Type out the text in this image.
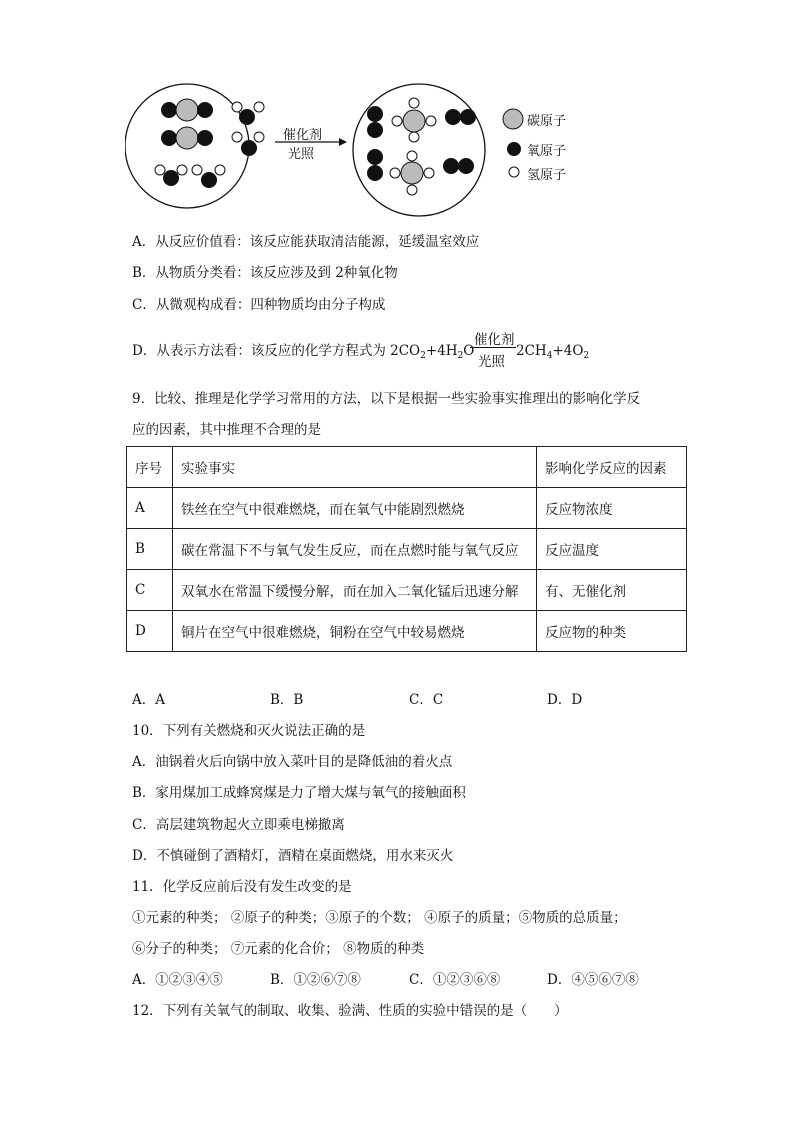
催化剂
光照
碳原子
氧原子
氢原子
A．从反应价值看：该反应能获取清洁能源，延缓温室效应
B．从物质分类看：该反应涉及到 2种氧化物
C．从微观构成看：四种物质均由分子构成
D．从表示方法看：该反应的化学方程式为 $2CO_2+4H_2O$
催化剂
光照
$2CH_4+4O_2$
9．比较、推理是化学学习常用的方法，以下是根据一些实验事实推理出的影响化学反
应的因素，其中推理不合理的是
序号	实验事实	影响化学反应的因素
A	铁丝在空气中很难燃烧，而在氧气中能剧烈燃烧	反应物浓度
B	碳在常温下不与氧气发生反应，而在点燃时能与氧气反应	反应温度
C	双氧水在常温下缓慢分解，而在加入二氧化锰后迅速分解	有、无催化剂
D	铜片在空气中很难燃烧，铜粉在空气中较易燃烧	反应物的种类
A．A	B．B	C．C	D．D
10．下列有关燃烧和灭火说法正确的是
A．油锅着火后向锅中放入菜叶目的是降低油的着火点
B．家用煤加工成蜂窝煤是力了增大煤与氧气的接触面积
C．高层建筑物起火立即乘电梯撤离
D．不慎碰倒了酒精灯，酒精在桌面燃烧，用水来灭火
11．化学反应前后没有发生改变的是
①元素的种类； ②原子的种类；③原子的个数； ④原子的质量；⑤物质的总质量；
⑥分子的种类； ⑦元素的化合价； ⑧物质的种类
A．①②③④⑤	B．①②⑥⑦⑧	C．①②③⑥⑧	D．④⑤⑥⑦⑧
12．下列有关氧气的制取、收集、验满、性质的实验中错误的是（　　）
